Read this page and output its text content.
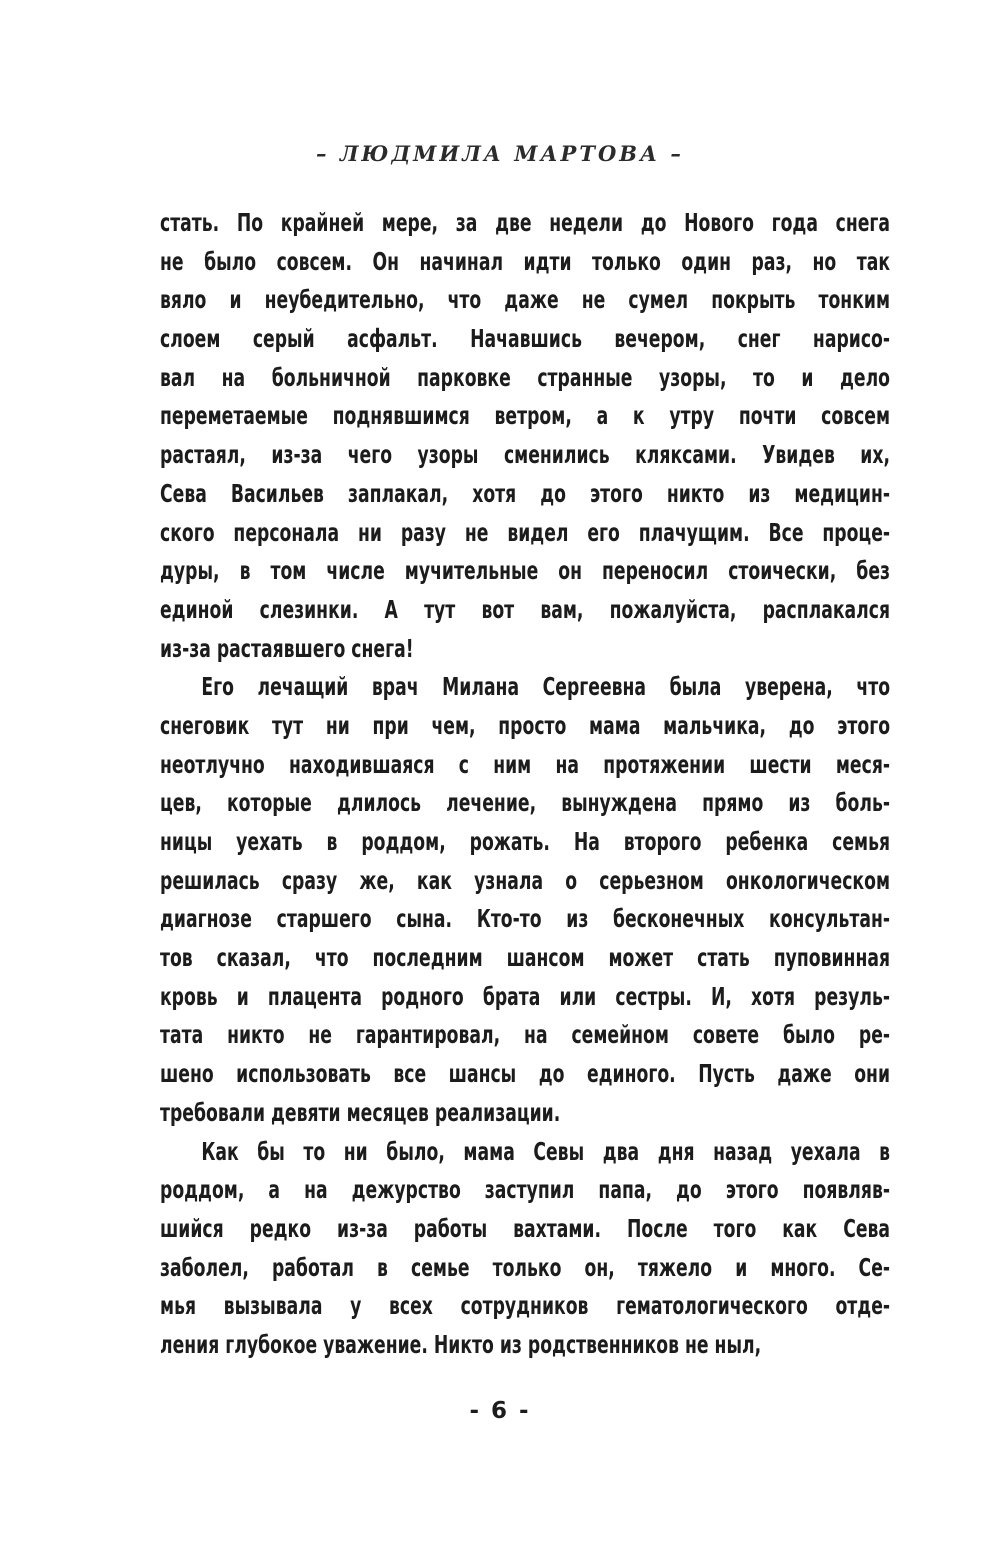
– ЛЮДМИЛА МАРТОВА –
стать. По крайней мере, за две недели до Нового года снега
не было совсем. Он начинал идти только один раз, но так
вяло и неубедительно, что даже не сумел покрыть тонким
слоем серый асфальт. Начавшись вечером, снег нарисо-
вал на больничной парковке странные узоры, то и дело
переметаемые поднявшимся ветром, а к утру почти совсем
растаял, из-за чего узоры сменились кляксами. Увидев их,
Сева Васильев заплакал, хотя до этого никто из медицин-
ского персонала ни разу не видел его плачущим. Все проце-
дуры, в том числе мучительные он переносил стоически, без
единой слезинки. А тут вот вам, пожалуйста, расплакался
из-за растаявшего снега!
Его лечащий врач Милана Сергеевна была уверена, что
снеговик тут ни при чем, просто мама мальчика, до этого
неотлучно находившаяся с ним на протяжении шести меся-
цев, которые длилось лечение, вынуждена прямо из боль-
ницы уехать в роддом, рожать. На второго ребенка семья
решилась сразу же, как узнала о серьезном онкологическом
диагнозе старшего сына. Кто-то из бесконечных консультан-
тов сказал, что последним шансом может стать пуповинная
кровь и плацента родного брата или сестры. И, хотя резуль-
тата никто не гарантировал, на семейном совете было ре-
шено использовать все шансы до единого. Пусть даже они
требовали девяти месяцев реализации.
Как бы то ни было, мама Севы два дня назад уехала в
роддом, а на дежурство заступил папа, до этого появляв-
шийся редко из-за работы вахтами. После того как Сева
заболел, работал в семье только он, тяжело и много. Се-
мья вызывала у всех сотрудников гематологического отде-
ления глубокое уважение. Никто из родственников не ныл,
- 6 -
